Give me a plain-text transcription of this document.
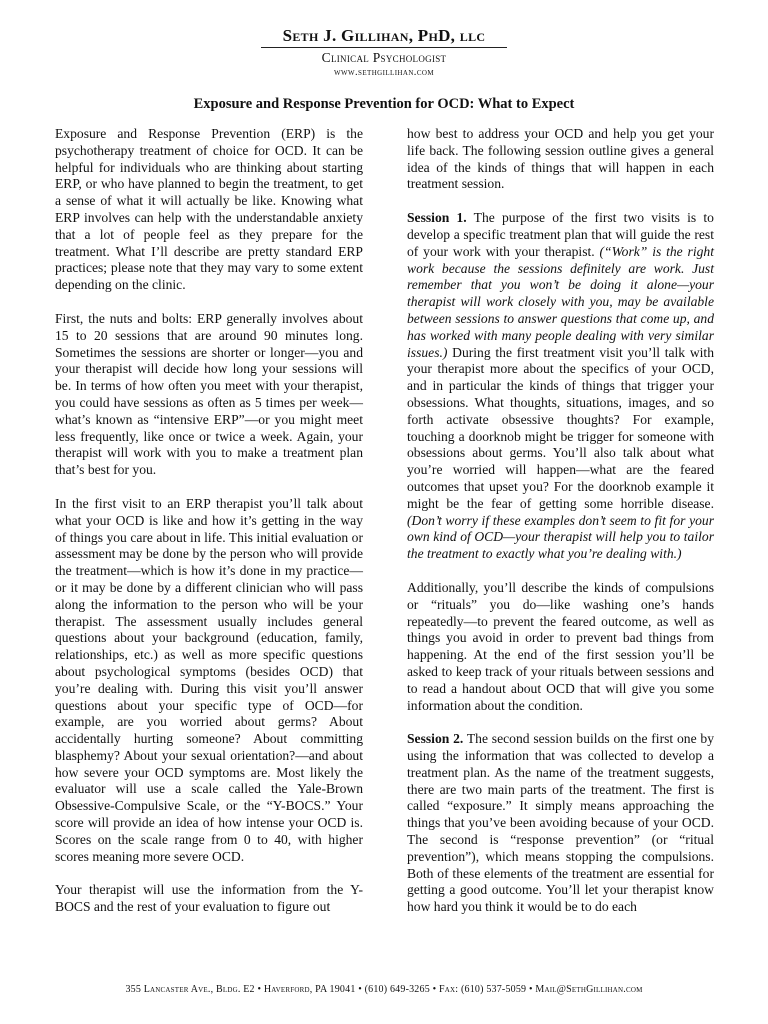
Seth J. Gillihan, PhD, llc
Clinical Psychologist
www.sethgillihan.com
Exposure and Response Prevention for OCD: What to Expect

Exposure and Response Prevention (ERP) is the psychotherapy treatment of choice for OCD. It can be helpful for individuals who are thinking about starting ERP, or who have planned to begin the treatment, to get a sense of what it will actually be like. Knowing what ERP involves can help with the understandable anxiety that a lot of people feel as they prepare for the treatment. What I’ll describe are pretty standard ERP practices; please note that they may vary to some extent depending on the clinic.

First, the nuts and bolts: ERP generally involves about 15 to 20 sessions that are around 90 minutes long. Sometimes the sessions are shorter or longer—you and your therapist will decide how long your sessions will be. In terms of how often you meet with your therapist, you could have sessions as often as 5 times per week—what’s known as “intensive ERP”—or you might meet less frequently, like once or twice a week. Again, your therapist will work with you to make a treatment plan that’s best for you.

In the first visit to an ERP therapist you’ll talk about what your OCD is like and how it’s getting in the way of things you care about in life. This initial evaluation or assessment may be done by the person who will provide the treatment—which is how it’s done in my practice—or it may be done by a different clinician who will pass along the information to the person who will be your therapist. The assessment usually includes general questions about your background (education, family, relationships, etc.) as well as more specific questions about psychological symptoms (besides OCD) that you’re dealing with. During this visit you’ll answer questions about your specific type of OCD—for example, are you worried about germs? About accidentally hurting someone? About committing blasphemy? About your sexual orientation?—and about how severe your OCD symptoms are. Most likely the evaluator will use a scale called the Yale-Brown Obsessive-Compulsive Scale, or the “Y-BOCS.” Your score will provide an idea of how intense your OCD is. Scores on the scale range from 0 to 40, with higher scores meaning more severe OCD.

Your therapist will use the information from the Y-BOCS and the rest of your evaluation to figure out

how best to address your OCD and help you get your life back. The following session outline gives a general idea of the kinds of things that will happen in each treatment session.

Session 1. The purpose of the first two visits is to develop a specific treatment plan that will guide the rest of your work with your therapist. (“Work” is the right work because the sessions definitely are work. Just remember that you won’t be doing it alone—your therapist will work closely with you, may be available between sessions to answer questions that come up, and has worked with many people dealing with very similar issues.) During the first treatment visit you’ll talk with your therapist more about the specifics of your OCD, and in particular the kinds of things that trigger your obsessions. What thoughts, situations, images, and so forth activate obsessive thoughts? For example, touching a doorknob might be trigger for someone with obsessions about germs. You’ll also talk about what you’re worried will happen—what are the feared outcomes that upset you? For the doorknob example it might be the fear of getting some horrible disease. (Don’t worry if these examples don’t seem to fit for your own kind of OCD—your therapist will help you to tailor the treatment to exactly what you’re dealing with.)

Additionally, you’ll describe the kinds of compulsions or “rituals” you do—like washing one’s hands repeatedly—to prevent the feared outcome, as well as things you avoid in order to prevent bad things from happening. At the end of the first session you’ll be asked to keep track of your rituals between sessions and to read a handout about OCD that will give you some information about the condition.

Session 2. The second session builds on the first one by using the information that was collected to develop a treatment plan. As the name of the treatment suggests, there are two main parts of the treatment. The first is called “exposure.” It simply means approaching the things that you’ve been avoiding because of your OCD. The second is “response prevention” (or “ritual prevention”), which means stopping the compulsions. Both of these elements of the treatment are essential for getting a good outcome. You’ll let your therapist know how hard you think it would be to do each

355 Lancaster Ave., Bldg. E2 • Haverford, PA 19041 • (610) 649-3265 • Fax: (610) 537-5059 • Mail@SethGillihan.com
